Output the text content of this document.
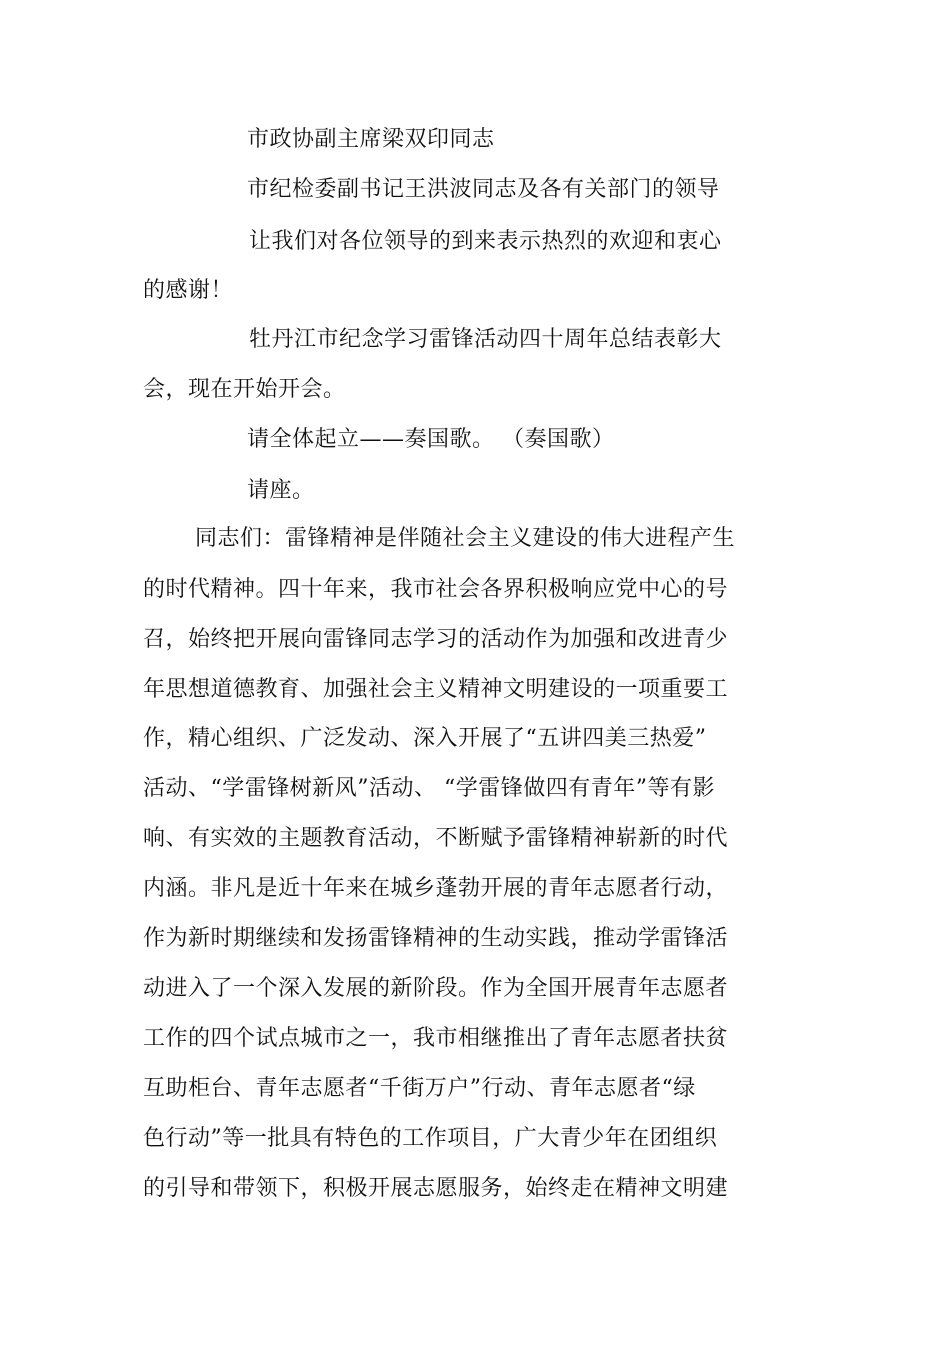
市政协副主席梁双印同志
市纪检委副书记王洪波同志及各有关部门的领导
让我们对各位领导的到来表示热烈的欢迎和衷心
的感谢！
牡丹江市纪念学习雷锋活动四十周年总结表彰大
会，现在开始开会。
请全体起立——奏国歌。 （奏国歌）
请座。
同志们：雷锋精神是伴随社会主义建设的伟大进程产生
的时代精神。四十年来，我市社会各界积极响应党中心的号
召，始终把开展向雷锋同志学习的活动作为加强和改进青少
年思想道德教育、加强社会主义精神文明建设的一项重要工
作，精心组织、广泛发动、深入开展了“五讲四美三热爱”
活动、“学雷锋树新风”活动、 “学雷锋做四有青年”等有影
响、有实效的主题教育活动，不断赋予雷锋精神崭新的时代
内涵。非凡是近十年来在城乡蓬勃开展的青年志愿者行动，
作为新时期继续和发扬雷锋精神的生动实践，推动学雷锋活
动进入了一个深入发展的新阶段。作为全国开展青年志愿者
工作的四个试点城市之一，我市相继推出了青年志愿者扶贫
互助柜台、青年志愿者“千街万户”行动、青年志愿者“绿
色行动”等一批具有特色的工作项目，广大青少年在团组织
的引导和带领下，积极开展志愿服务，始终走在精神文明建
